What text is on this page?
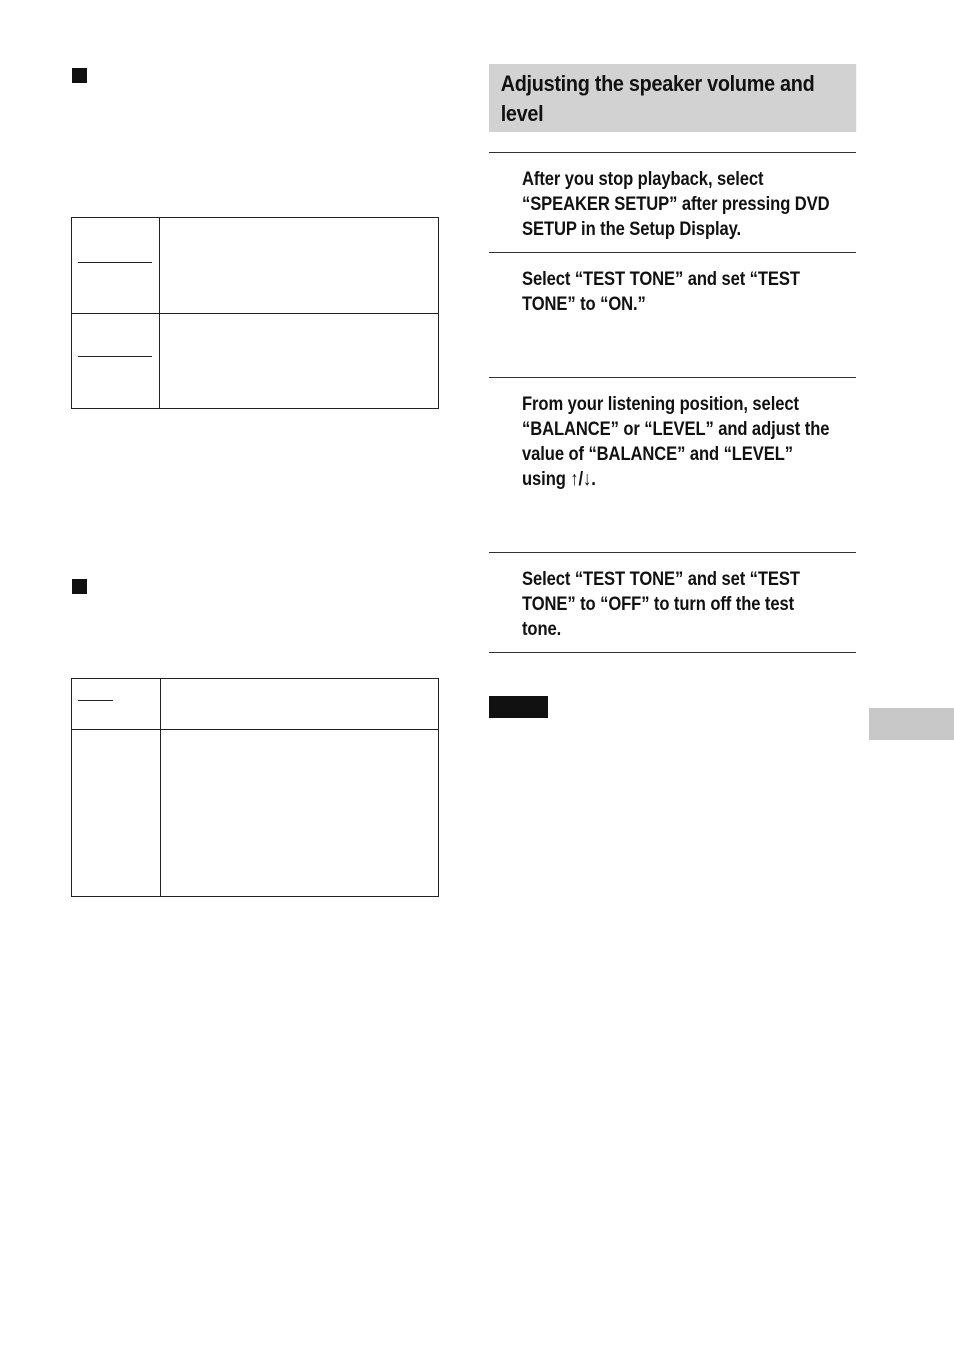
Adjusting the speaker volume and level
After you stop playback, select “SPEAKER SETUP” after pressing DVD SETUP in the Setup Display.
Select “TEST TONE” and set “TEST TONE” to “ON.”
From your listening position, select “BALANCE” or “LEVEL” and adjust the value of “BALANCE” and “LEVEL” using ↑/↓.
Select “TEST TONE” and set “TEST TONE” to “OFF” to turn off the test tone.
